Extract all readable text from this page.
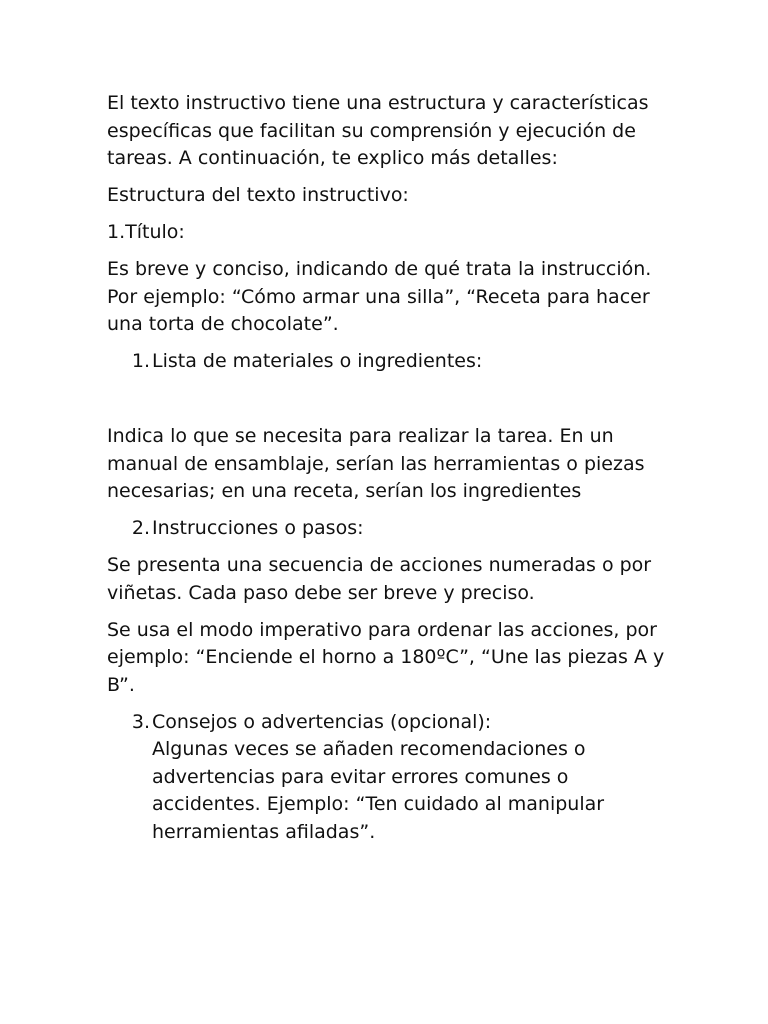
El texto instructivo tiene una estructura y características específicas que facilitan su comprensión y ejecución de tareas. A continuación, te explico más detalles:

Estructura del texto instructivo:

1.Título:

Es breve y conciso, indicando de qué trata la instrucción. Por ejemplo: “Cómo armar una silla”, “Receta para hacer una torta de chocolate”.

1. Lista de materiales o ingredientes:

Indica lo que se necesita para realizar la tarea. En un manual de ensamblaje, serían las herramientas o piezas necesarias; en una receta, serían los ingredientes

2. Instrucciones o pasos:

Se presenta una secuencia de acciones numeradas o por viñetas. Cada paso debe ser breve y preciso.

Se usa el modo imperativo para ordenar las acciones, por ejemplo: “Enciende el horno a 180ºC”, “Une las piezas A y B”.

3. Consejos o advertencias (opcional):
Algunas veces se añaden recomendaciones o advertencias para evitar errores comunes o accidentes. Ejemplo: “Ten cuidado al manipular herramientas afiladas”.
